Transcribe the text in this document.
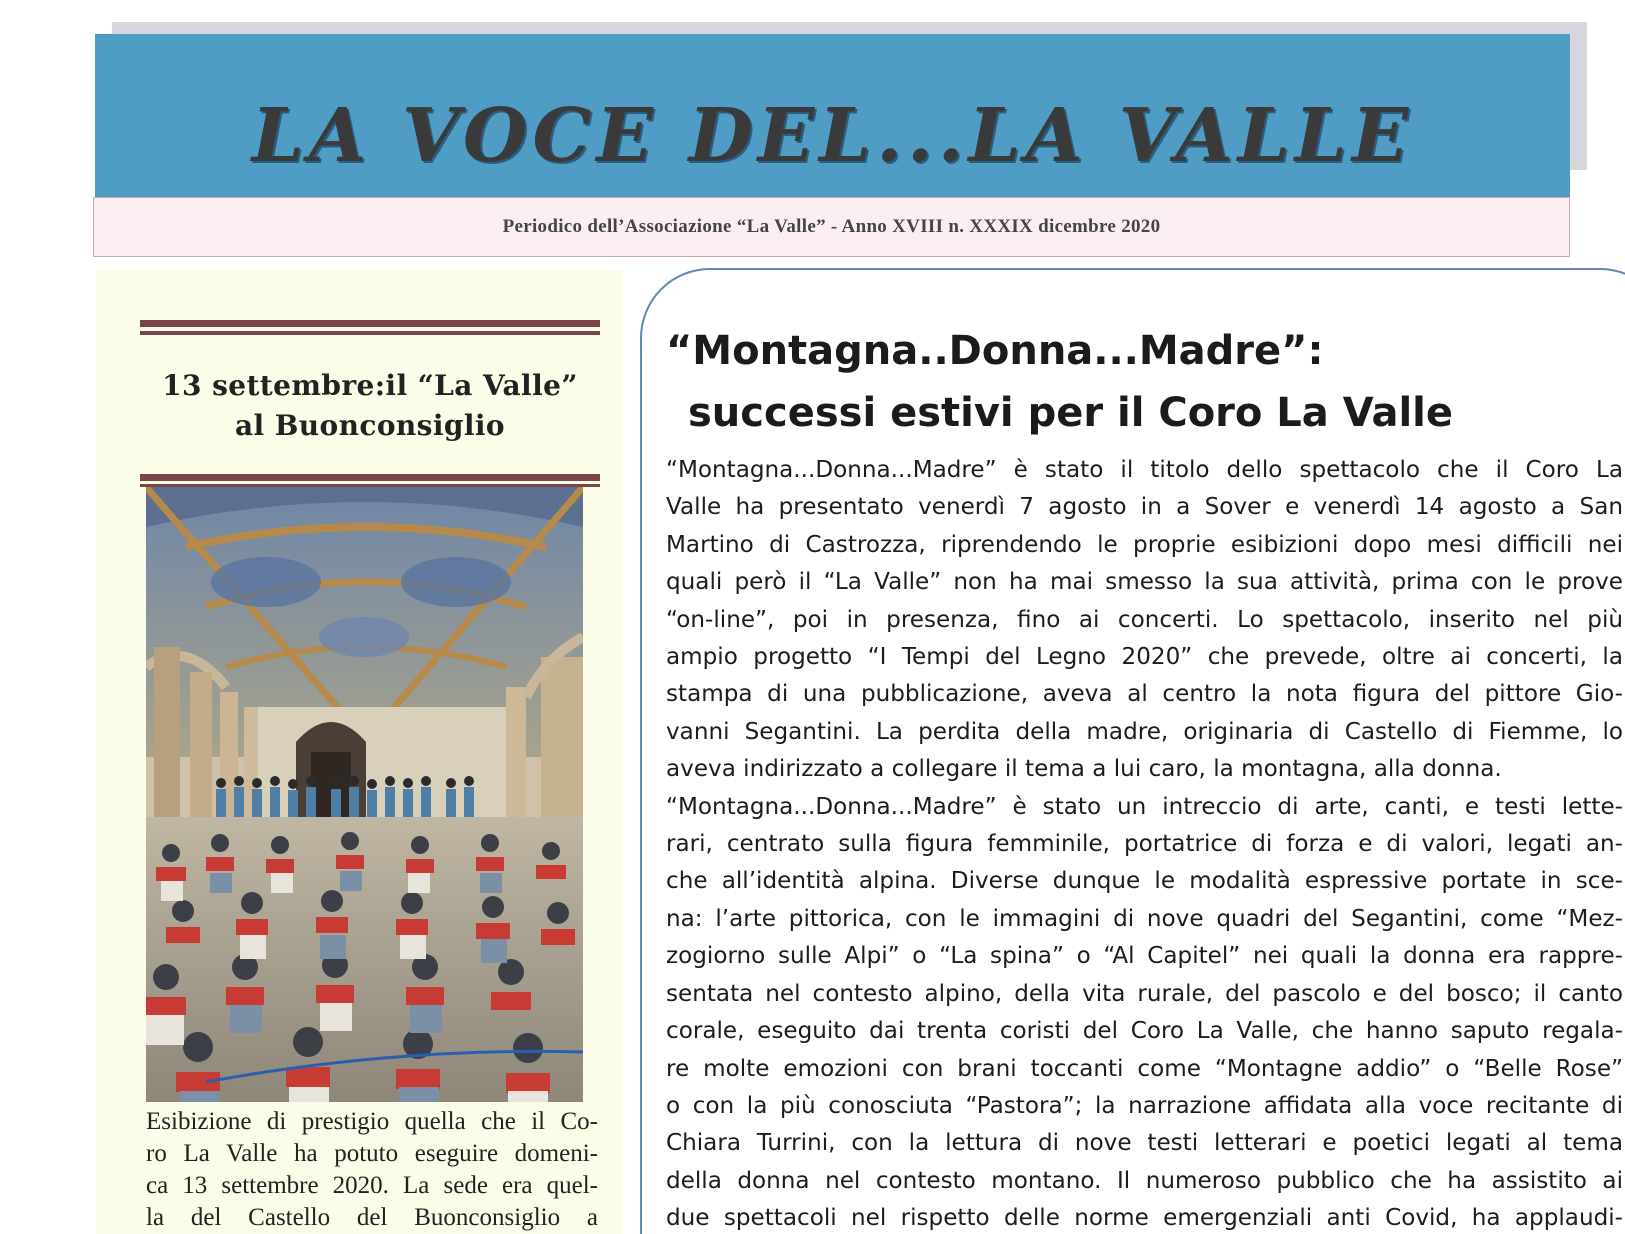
LA VOCE DEL...LA VALLE
Periodico dell’Associazione “La Valle” - Anno XVIII n. XXXIX dicembre 2020
13 settembre:il “La Valle”
al Buonconsiglio
Esibizione di prestigio quella che il Co-
ro La Valle ha potuto eseguire domeni-
ca 13 settembre 2020. La sede era quel-
la del Castello del Buonconsiglio a
“Montagna..Donna...Madre”:
successi estivi per il Coro La Valle
“Montagna...Donna...Madre” è stato il titolo dello spettacolo che il Coro La
Valle ha presentato venerdì 7 agosto in a Sover e venerdì 14 agosto a San
Martino di Castrozza, riprendendo le proprie esibizioni dopo mesi difficili nei
quali però il “La Valle” non ha mai smesso la sua attività, prima con le prove
“on-line”, poi in presenza, fino ai concerti. Lo spettacolo, inserito nel più
ampio progetto “I Tempi del Legno 2020” che prevede, oltre ai concerti, la
stampa di una pubblicazione, aveva al centro la nota figura del pittore Gio-
vanni Segantini. La perdita della madre, originaria di Castello di Fiemme, lo
aveva indirizzato a collegare il tema a lui caro, la montagna, alla donna.
“Montagna...Donna...Madre” è stato un intreccio di arte, canti, e testi lette-
rari, centrato sulla figura femminile, portatrice di forza e di valori, legati an-
che all’identità alpina. Diverse dunque le modalità espressive portate in sce-
na: l’arte pittorica, con le immagini di nove quadri del Segantini, come “Mez-
zogiorno sulle Alpi” o “La spina” o “Al Capitel” nei quali la donna era rappre-
sentata nel contesto alpino, della vita rurale, del pascolo e del bosco; il canto
corale, eseguito dai trenta coristi del Coro La Valle, che hanno saputo regala-
re molte emozioni con brani toccanti come “Montagne addio” o “Belle Rose”
o con la più conosciuta “Pastora”; la narrazione affidata alla voce recitante di
Chiara Turrini, con la lettura di nove testi letterari e poetici legati al tema
della donna nel contesto montano. Il numeroso pubblico che ha assistito ai
due spettacoli nel rispetto delle norme emergenziali anti Covid, ha applaudi-
